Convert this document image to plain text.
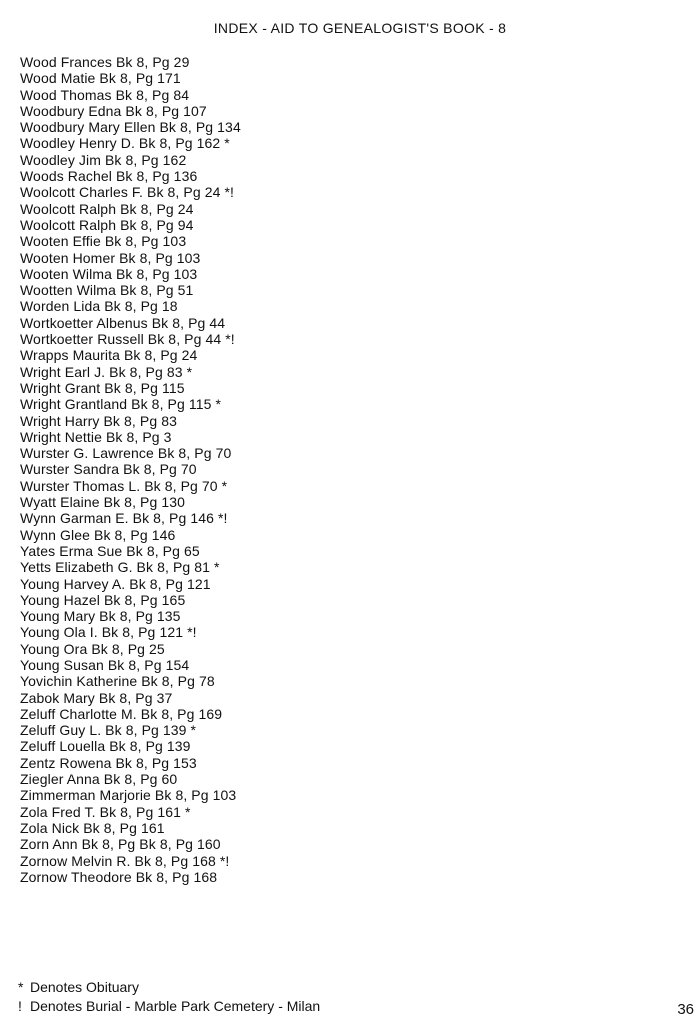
INDEX - AID TO GENEALOGIST'S BOOK - 8
Wood Frances Bk 8, Pg 29
Wood Matie Bk 8, Pg 171
Wood Thomas Bk 8, Pg 84
Woodbury Edna Bk 8, Pg 107
Woodbury Mary Ellen Bk 8, Pg 134
Woodley Henry D. Bk 8, Pg 162 *
Woodley Jim Bk 8, Pg 162
Woods Rachel Bk 8, Pg 136
Woolcott Charles F. Bk 8, Pg 24 *!
Woolcott Ralph Bk 8, Pg 24
Woolcott Ralph Bk 8, Pg 94
Wooten Effie Bk 8, Pg 103
Wooten Homer Bk 8, Pg 103
Wooten Wilma Bk 8, Pg 103
Wootten Wilma Bk 8, Pg 51
Worden Lida Bk 8, Pg 18
Wortkoetter Albenus Bk 8, Pg 44
Wortkoetter Russell Bk 8, Pg 44 *!
Wrapps Maurita Bk 8, Pg 24
Wright Earl J. Bk 8, Pg 83 *
Wright Grant Bk 8, Pg 115
Wright Grantland Bk 8, Pg 115 *
Wright Harry Bk 8, Pg 83
Wright Nettie Bk 8, Pg 3
Wurster G. Lawrence Bk 8, Pg 70
Wurster Sandra Bk 8, Pg 70
Wurster Thomas L. Bk 8, Pg 70 *
Wyatt Elaine Bk 8, Pg 130
Wynn Garman E. Bk 8, Pg 146 *!
Wynn Glee Bk 8, Pg 146
Yates Erma Sue Bk 8, Pg 65
Yetts Elizabeth G. Bk 8, Pg 81 *
Young Harvey A. Bk 8, Pg 121
Young Hazel Bk 8, Pg 165
Young Mary Bk 8, Pg 135
Young Ola I. Bk 8, Pg 121 *!
Young Ora Bk 8, Pg 25
Young Susan Bk 8, Pg 154
Yovichin Katherine Bk 8, Pg 78
Zabok Mary Bk 8, Pg 37
Zeluff Charlotte M. Bk 8, Pg 169
Zeluff Guy L. Bk 8, Pg 139 *
Zeluff Louella Bk 8, Pg 139
Zentz Rowena Bk 8, Pg 153
Ziegler Anna Bk 8, Pg 60
Zimmerman Marjorie Bk 8, Pg 103
Zola Fred T. Bk 8, Pg 161 *
Zola Nick Bk 8, Pg 161
Zorn Ann Bk 8, Pg Bk 8, Pg 160
Zornow Melvin R. Bk 8, Pg 168 *!
Zornow Theodore Bk 8, Pg 168
* Denotes Obituary
! Denotes Burial - Marble Park Cemetery - Milan	36
